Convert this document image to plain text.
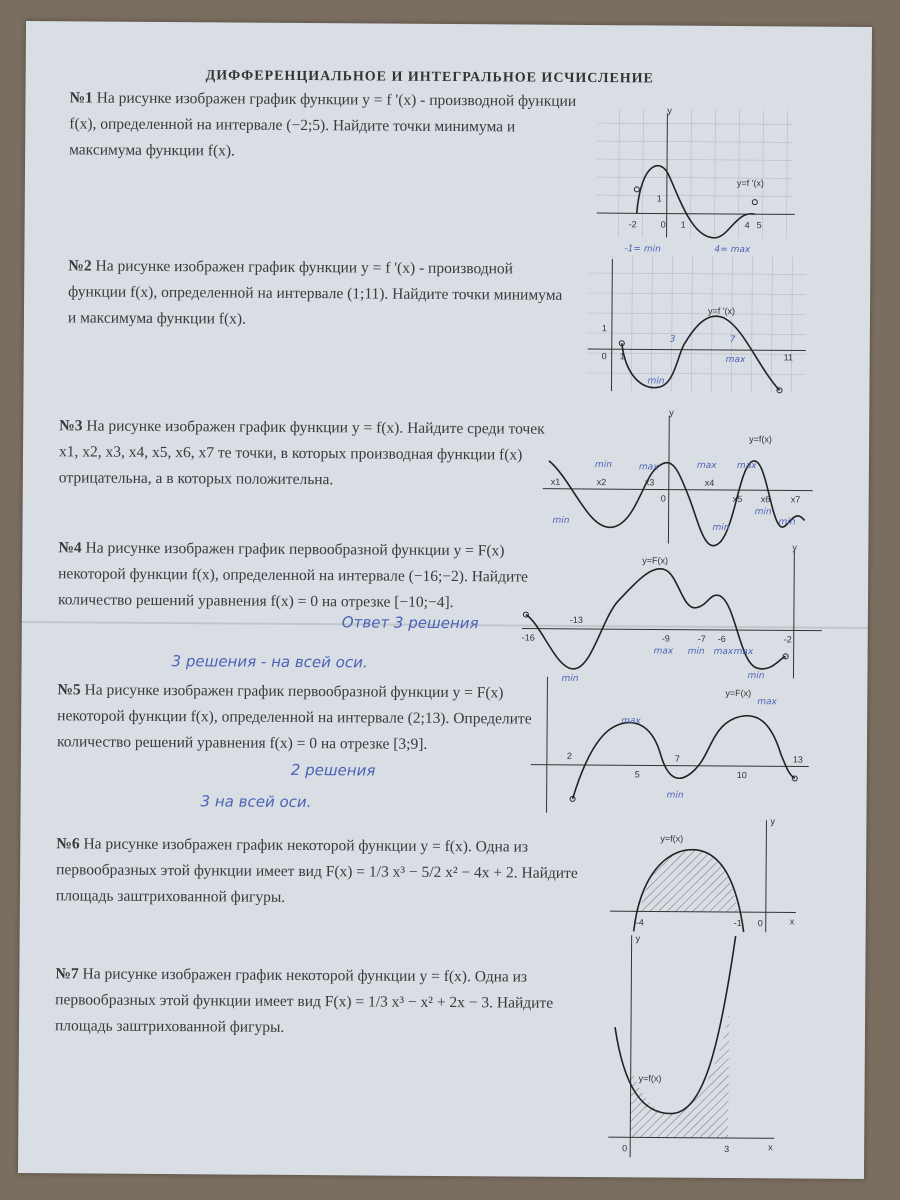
ДИФФЕРЕНЦИАЛЬНОЕ И ИНТЕГРАЛЬНОЕ ИСЧИСЛЕНИЕ
№1 На рисунке изображен график функции y = f '(x) - производной функции f(x), определенной на интервале (−2;5). Найдите точки минимума и максимума функции f(x).
№2 На рисунке изображен график функции y = f '(x) - производной функции f(x), определенной на интервале (1;11). Найдите точки минимума и максимума функции f(x).
№3 На рисунке изображен график функции y = f(x). Найдите среди точек x1, x2, x3, x4, x5, x6, x7 те точки, в которых производная функции f(x) отрицательна, а в которых положительна.
№4 На рисунке изображен график первообразной функции y = F(x) некоторой функции f(x), определенной на интервале (−16;−2). Найдите количество решений уравнения f(x) = 0 на отрезке [−10;−4].
№5 На рисунке изображен график первообразной функции y = F(x) некоторой функции f(x), определенной на интервале (2;13). Определите количество решений уравнения f(x) = 0 на отрезке [3;9].
№6 На рисунке изображен график некоторой функции y = f(x). Одна из первообразных этой функции имеет вид F(x) = 1/3 x³ − 5/2 x² − 4x + 2. Найдите площадь заштрихованной фигуры.
№7 На рисунке изображен график некоторой функции y = f(x). Одна из первообразных этой функции имеет вид F(x) = 1/3 x³ − x² + 2x − 3. Найдите площадь заштрихованной фигуры.
Ответ 3 решения
3 решения - на всей оси.
2 решения
3 на всей оси.
y
y=f '(x)
-2	0 1	5
4
1
-1= min	4= max
y=f '(x)
0 1	11
1
3	7
max
min
y
y=f(x)
x1	x2	x3	x4
x5 x6 x7
0
min
min	max	max max
min
min
min
y
y=F(x)
-16
-13
-9	-7 -6	-2
max
min
max
min	max
min
y=F(x)
2
5
7
10
13
max
max
min
y=f(x)
-4	-1 0
y
x
y=f(x)
0	3
y
x
